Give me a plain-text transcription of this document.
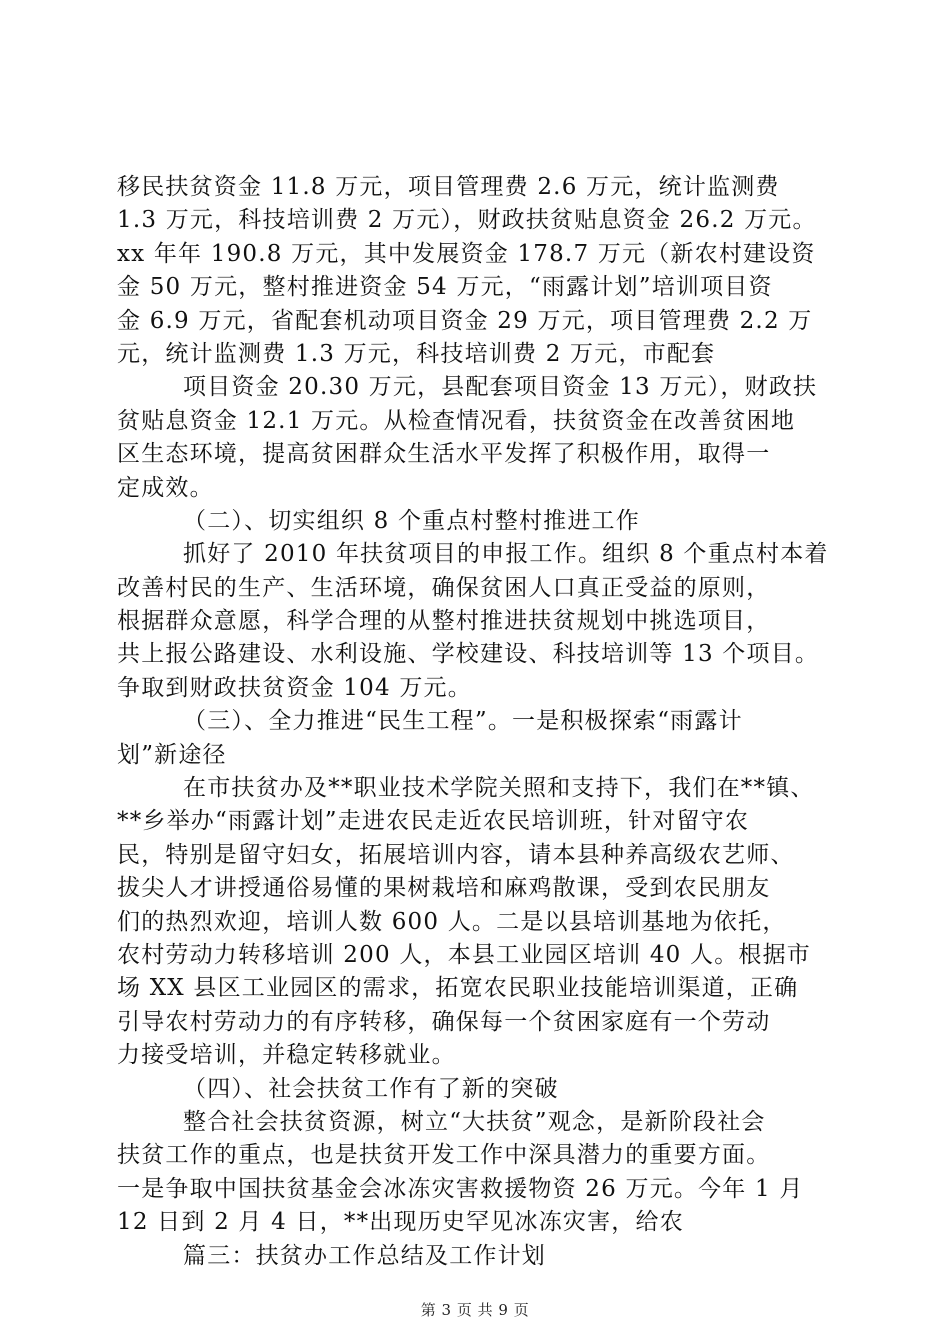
移民扶贫资金 11.8 万元，项目管理费 2.6 万元，统计监测费
1.3 万元，科技培训费 2 万元），财政扶贫贴息资金 26.2 万元。
xx 年年 190.8 万元，其中发展资金 178.7 万元（新农村建设资
金 50 万元，整村推进资金 54 万元，“雨露计划”培训项目资
金 6.9 万元，省配套机动项目资金 29 万元，项目管理费 2.2 万
元，统计监测费 1.3 万元，科技培训费 2 万元，市配套
项目资金 20.30 万元，县配套项目资金 13 万元），财政扶
贫贴息资金 12.1 万元。从检查情况看，扶贫资金在改善贫困地
区生态环境，提高贫困群众生活水平发挥了积极作用，取得一
定成效。
（二）、切实组织 8 个重点村整村推进工作
抓好了 2010 年扶贫项目的申报工作。组织 8 个重点村本着
改善村民的生产、生活环境，确保贫困人口真正受益的原则，
根据群众意愿，科学合理的从整村推进扶贫规划中挑选项目，
共上报公路建设、水利设施、学校建设、科技培训等 13 个项目。
争取到财政扶贫资金 104 万元。
（三）、全力推进“民生工程”。一是积极探索“雨露计
划”新途径
在市扶贫办及**职业技术学院关照和支持下，我们在**镇、
**乡举办“雨露计划”走进农民走近农民培训班，针对留守农
民，特别是留守妇女，拓展培训内容，请本县种养高级农艺师、
拔尖人才讲授通俗易懂的果树栽培和麻鸡散课，受到农民朋友
们的热烈欢迎，培训人数 600 人。二是以县培训基地为依托，
农村劳动力转移培训 200 人，本县工业园区培训 40 人。根据市
场 XX 县区工业园区的需求，拓宽农民职业技能培训渠道，正确
引导农村劳动力的有序转移，确保每一个贫困家庭有一个劳动
力接受培训，并稳定转移就业。
（四）、社会扶贫工作有了新的突破
整合社会扶贫资源，树立“大扶贫”观念，是新阶段社会
扶贫工作的重点，也是扶贫开发工作中深具潜力的重要方面。
一是争取中国扶贫基金会冰冻灾害救援物资 26 万元。今年 1 月
12 日到 2 月 4 日，**出现历史罕见冰冻灾害，给农
篇三：扶贫办工作总结及工作计划
第 3 页 共 9 页
